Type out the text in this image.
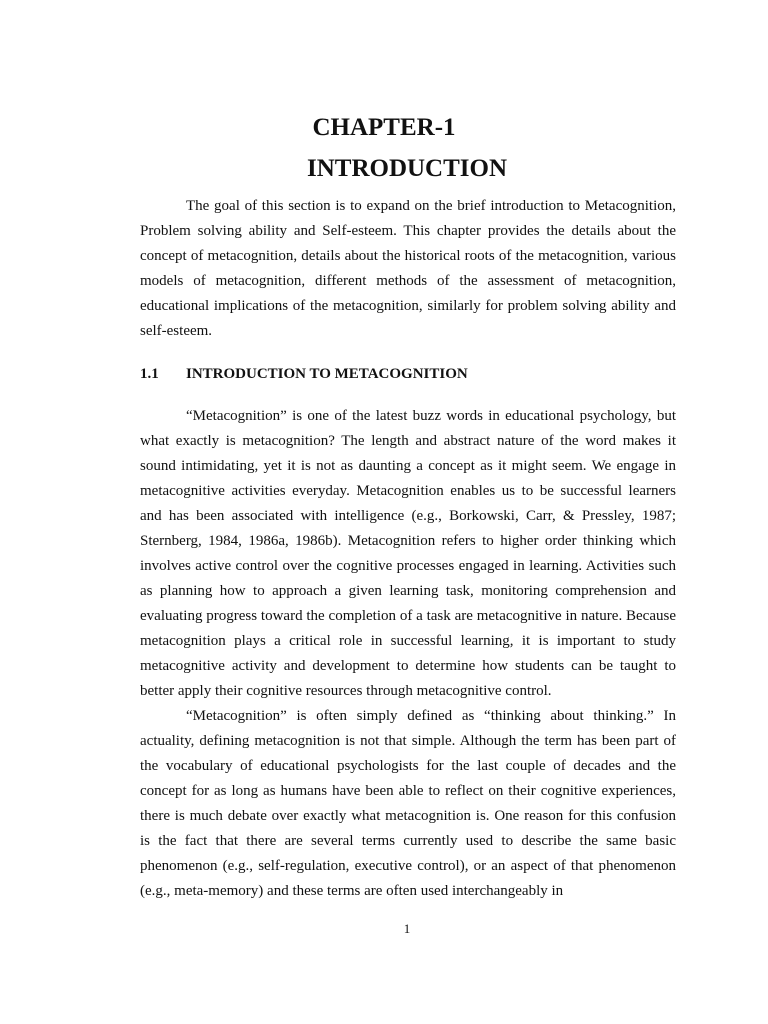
CHAPTER-1
INTRODUCTION

The goal of this section is to expand on the brief introduction to Metacognition, Problem solving ability and Self-esteem. This chapter provides the details about the concept of metacognition, details about the historical roots of the metacognition, various models of metacognition, different methods of the assessment of metacognition, educational implications of the metacognition, similarly for problem solving ability and self-esteem.

1.1 INTRODUCTION TO METACOGNITION

“Metacognition” is one of the latest buzz words in educational psychology, but what exactly is metacognition? The length and abstract nature of the word makes it sound intimidating, yet it is not as daunting a concept as it might seem. We engage in metacognitive activities everyday. Metacognition enables us to be successful learners and has been associated with intelligence (e.g., Borkowski, Carr, & Pressley, 1987; Sternberg, 1984, 1986a, 1986b). Metacognition refers to higher order thinking which involves active control over the cognitive processes engaged in learning. Activities such as planning how to approach a given learning task, monitoring comprehension and evaluating progress toward the completion of a task are metacognitive in nature. Because metacognition plays a critical role in successful learning, it is important to study metacognitive activity and development to determine how students can be taught to better apply their cognitive resources through metacognitive control.

“Metacognition” is often simply defined as “thinking about thinking.” In actuality, defining metacognition is not that simple. Although the term has been part of the vocabulary of educational psychologists for the last couple of decades and the concept for as long as humans have been able to reflect on their cognitive experiences, there is much debate over exactly what metacognition is. One reason for this confusion is the fact that there are several terms currently used to describe the same basic phenomenon (e.g., self-regulation, executive control), or an aspect of that phenomenon (e.g., meta-memory) and these terms are often used interchangeably in

1
